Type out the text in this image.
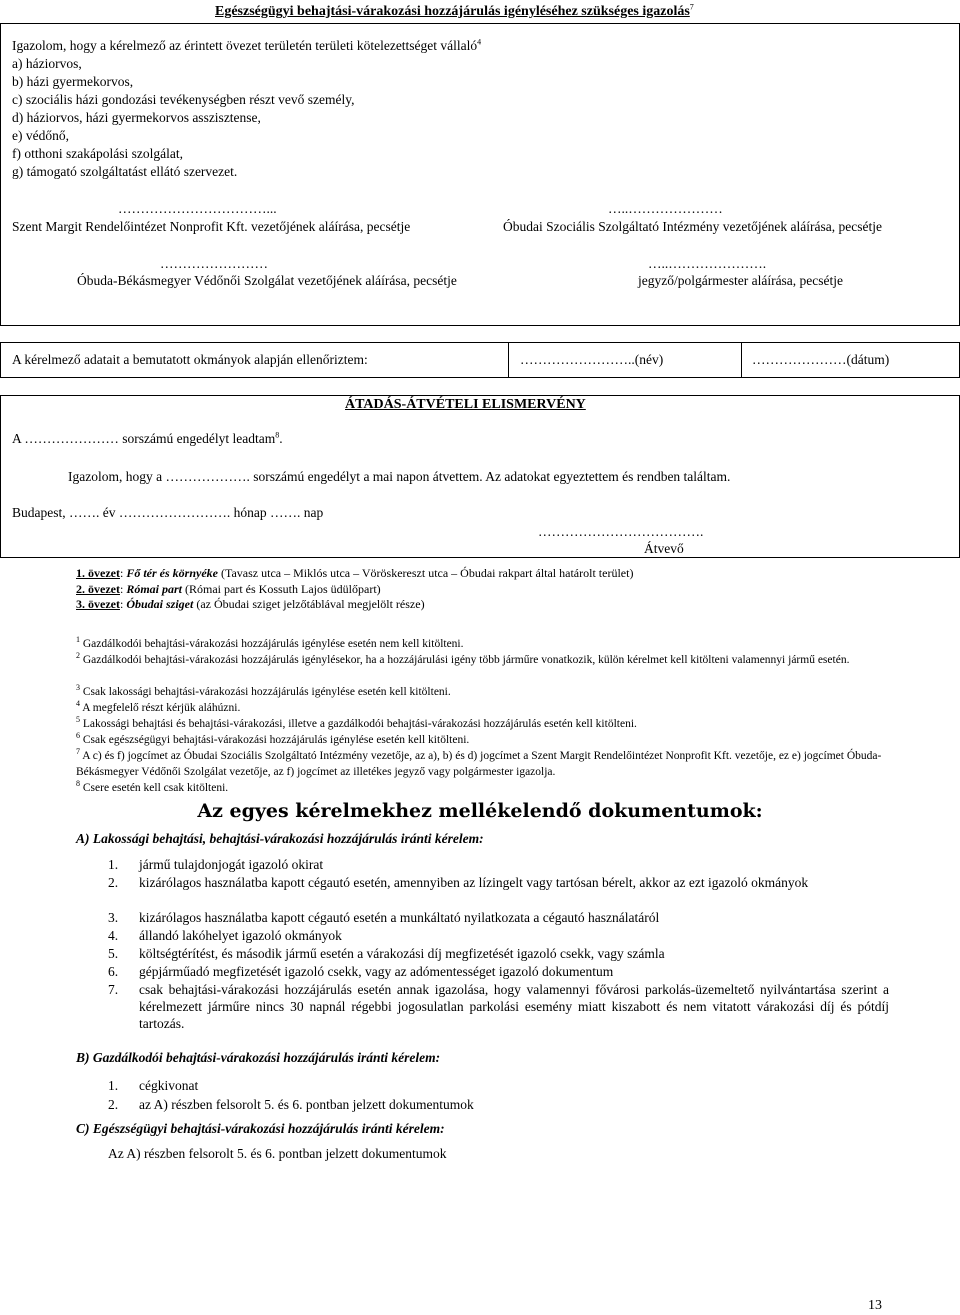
Egészségügyi behajtási-várakozási hozzájárulás igényléséhez szükséges igazolás$^7$
Igazolom, hogy a kérelmező az érintett övezet területén területi kötelezettséget vállaló$^4$
a) háziorvos,
b) házi gyermekorvos,
c) szociális házi gondozási tevékenységben részt vevő személy,
d) háziorvos, házi gyermekorvos asszisztense,
e) védőnő,
f) otthoni szakápolási szolgálat,
g) támogató szolgáltatást ellátó szervezet.
……………………………...
Szent Margit Rendelőintézet Nonprofit Kft. vezetőjének aláírása, pecsétje
…..…………………
Óbudai Szociális Szolgáltató Intézmény vezetőjének aláírása, pecsétje
……………………
Óbuda-Békásmegyer Védőnői Szolgálat vezetőjének aláírása, pecsétje
…..………………….
jegyző/polgármester aláírása, pecsétje
A kérelmező adatait a bemutatott okmányok alapján ellenőriztem:	……………………..(név)	…………………(dátum)
ÁTADÁS-ÁTVÉTELI ELISMERVÉNY
A ………………… sorszámú engedélyt leadtam$^8$.
Igazolom, hogy a ………………. sorszámú engedélyt a mai napon átvettem. Az adatokat egyeztettem és rendben találtam.
Budapest, ……. év ……………………. hónap ……. nap
……………………………….
Átvevő
1. övezet: Fő tér és környéke (Tavasz utca – Miklós utca – Vöröskereszt utca – Óbudai rakpart által határolt terület)
2. övezet: Római part (Római part és Kossuth Lajos üdülőpart)
3. övezet: Óbudai sziget (az Óbudai sziget jelzőtáblával megjelölt része)
$^1$ Gazdálkodói behajtási-várakozási hozzájárulás igénylése esetén nem kell kitölteni.
$^2$ Gazdálkodói behajtási-várakozási hozzájárulás igénylésekor, ha a hozzájárulási igény több járműre vonatkozik, külön kérelmet kell kitölteni valamennyi jármű esetén.
$^3$ Csak lakossági behajtási-várakozási hozzájárulás igénylése esetén kell kitölteni.
$^4$ A megfelelő részt kérjük aláhúzni.
$^5$ Lakossági behajtási és behajtási-várakozási, illetve a gazdálkodói behajtási-várakozási hozzájárulás esetén kell kitölteni.
$^6$ Csak egészségügyi behajtási-várakozási hozzájárulás igénylése esetén kell kitölteni.
$^7$ A c) és f) jogcímet az Óbudai Szociális Szolgáltató Intézmény vezetője, az a), b) és d) jogcímet a Szent Margit Rendelőintézet Nonprofit Kft. vezetője, ez e) jogcímet Óbuda-Békásmegyer Védőnői Szolgálat vezetője, az f) jogcímet az illetékes jegyző vagy polgármester igazolja.
$^8$ Csere esetén kell csak kitölteni.
Az egyes kérelmekhez mellékelendő dokumentumok:
A) Lakossági behajtási, behajtási-várakozási hozzájárulás iránti kérelem:
1.	jármű tulajdonjogát igazoló okirat
2.	kizárólagos használatba kapott cégautó esetén, amennyiben az lízingelt vagy tartósan bérelt, akkor az ezt igazoló okmányok
3.	kizárólagos használatba kapott cégautó esetén a munkáltató nyilatkozata a cégautó használatáról
4.	állandó lakóhelyet igazoló okmányok
5.	költségtérítést, és második jármű esetén a várakozási díj megfizetését igazoló csekk, vagy számla
6.	gépjárműadó megfizetését igazoló csekk, vagy az adómentességet igazoló dokumentum
7.	csak behajtási-várakozási hozzájárulás esetén annak igazolása, hogy valamennyi fővárosi parkolás-üzemeltető nyilvántartása szerint a kérelmezett járműre nincs 30 napnál régebbi jogosulatlan parkolási esemény miatt kiszabott és nem vitatott várakozási díj és pótdíj tartozás.
B) Gazdálkodói behajtási-várakozási hozzájárulás iránti kérelem:
1.	cégkivonat
2.	az A) részben felsorolt 5. és 6. pontban jelzett dokumentumok
C) Egészségügyi behajtási-várakozási hozzájárulás iránti kérelem:
Az A) részben felsorolt 5. és 6. pontban jelzett dokumentumok
13
